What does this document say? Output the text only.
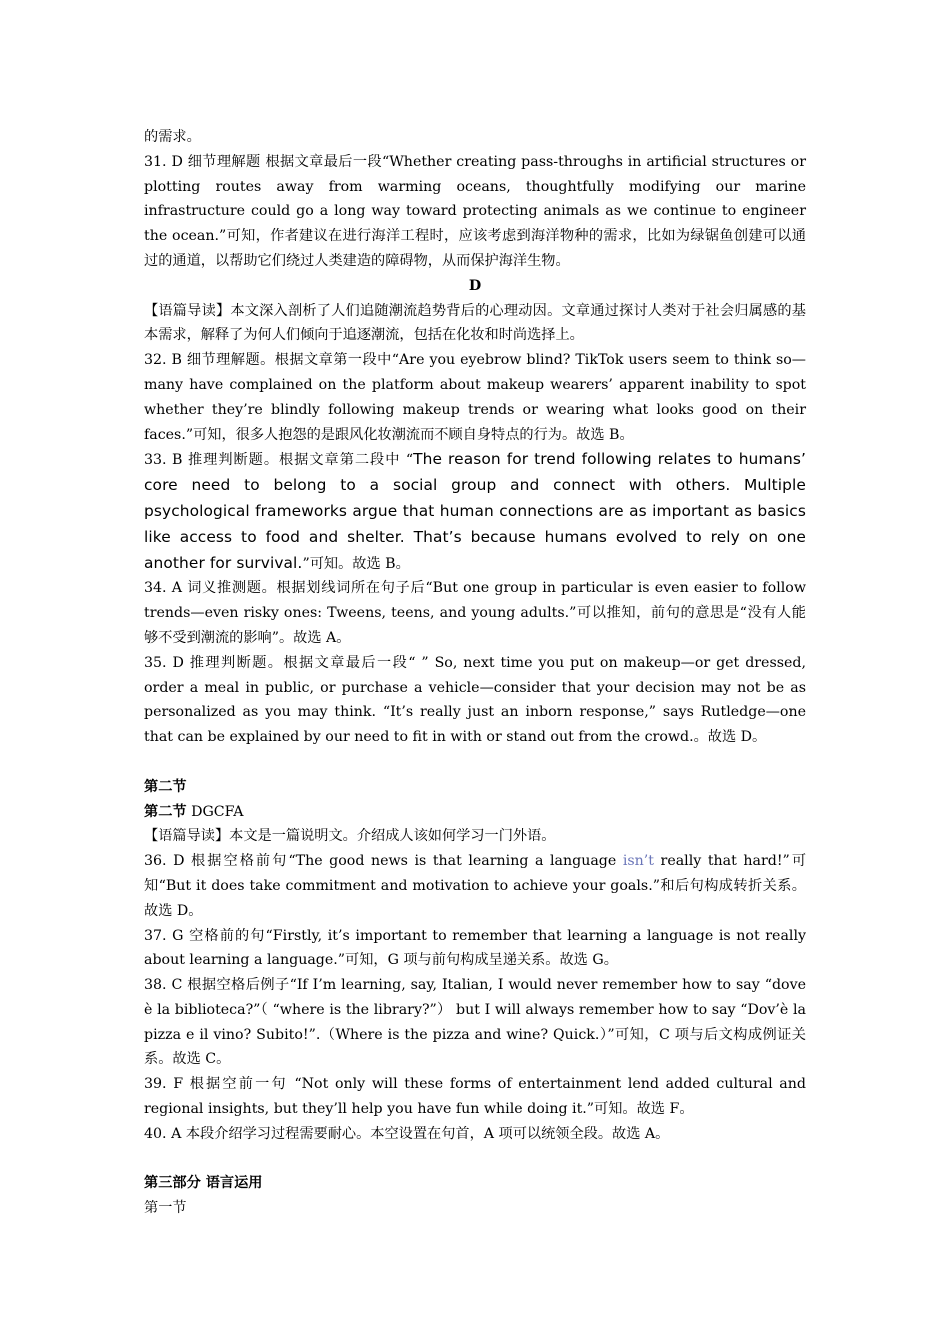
的需求。

31. D 细节理解题 根据文章最后一段“Whether creating pass-throughs in artificial structures or plotting routes away from warming oceans, thoughtfully modifying our marine infrastructure could go a long way toward protecting animals as we continue to engineer the ocean.”可知，作者建议在进行海洋工程时，应该考虑到海洋物种的需求，比如为绿锯鱼创建可以通过的通道，以帮助它们绕过人类建造的障碍物，从而保护海洋生物。

D

【语篇导读】本文深入剖析了人们追随潮流趋势背后的心理动因。文章通过探讨人类对于社会归属感的基本需求，解释了为何人们倾向于追逐潮流，包括在化妆和时尚选择上。

32. B 细节理解题。根据文章第一段中“Are you eyebrow blind? TikTok users seem to think so—many have complained on the platform about makeup wearers’ apparent inability to spot whether they’re blindly following makeup trends or wearing what looks good on their faces.”可知，很多人抱怨的是跟风化妆潮流而不顾自身特点的行为。故选 B。

33. B 推理判断题。根据文章第二段中 “The reason for trend following relates to humans’ core need to belong to a social group and connect with others. Multiple psychological frameworks argue that human connections are as important as basics like access to food and shelter. That’s because humans evolved to rely on one another for survival.”可知。故选 B。

34. A 词义推测题。根据划线词所在句子后“But one group in particular is even easier to follow trends—even risky ones: Tweens, teens, and young adults.”可以推知，前句的意思是“没有人能够不受到潮流的影响”。故选 A。

35. D 推理判断题。根据文章最后一段“ ” So, next time you put on makeup—or get dressed, order a meal in public, or purchase a vehicle—consider that your decision may not be as personalized as you may think. “It’s really just an inborn response,” says Rutledge—one that can be explained by our need to fit in with or stand out from the crowd.。故选 D。

第二节

第二节 DGCFA

【语篇导读】本文是一篇说明文。介绍成人该如何学习一门外语。

36. D 根据空格前句“The good news is that learning a language isn’t really that hard!”可知“But it does take commitment and motivation to achieve your goals.”和后句构成转折关系。故选 D。

37. G 空格前的句“Firstly, it’s important to remember that learning a language is not really about learning a language.”可知，G 项与前句构成呈递关系。故选 G。

38. C 根据空格后例子“If I’m learning, say, Italian, I would never remember how to say “dove è la biblioteca?”（ “where is the library?”） but I will always remember how to say “Dov’è la pizza e il vino? Subito!”.（Where is the pizza and wine? Quick.）”可知，C 项与后文构成例证关系。故选 C。

39. F 根据空前一句 “Not only will these forms of entertainment lend added cultural and regional insights, but they’ll help you have fun while doing it.”可知。故选 F。

40. A 本段介绍学习过程需要耐心。本空设置在句首，A 项可以统领全段。故选 A。

第三部分 语言运用

第一节
